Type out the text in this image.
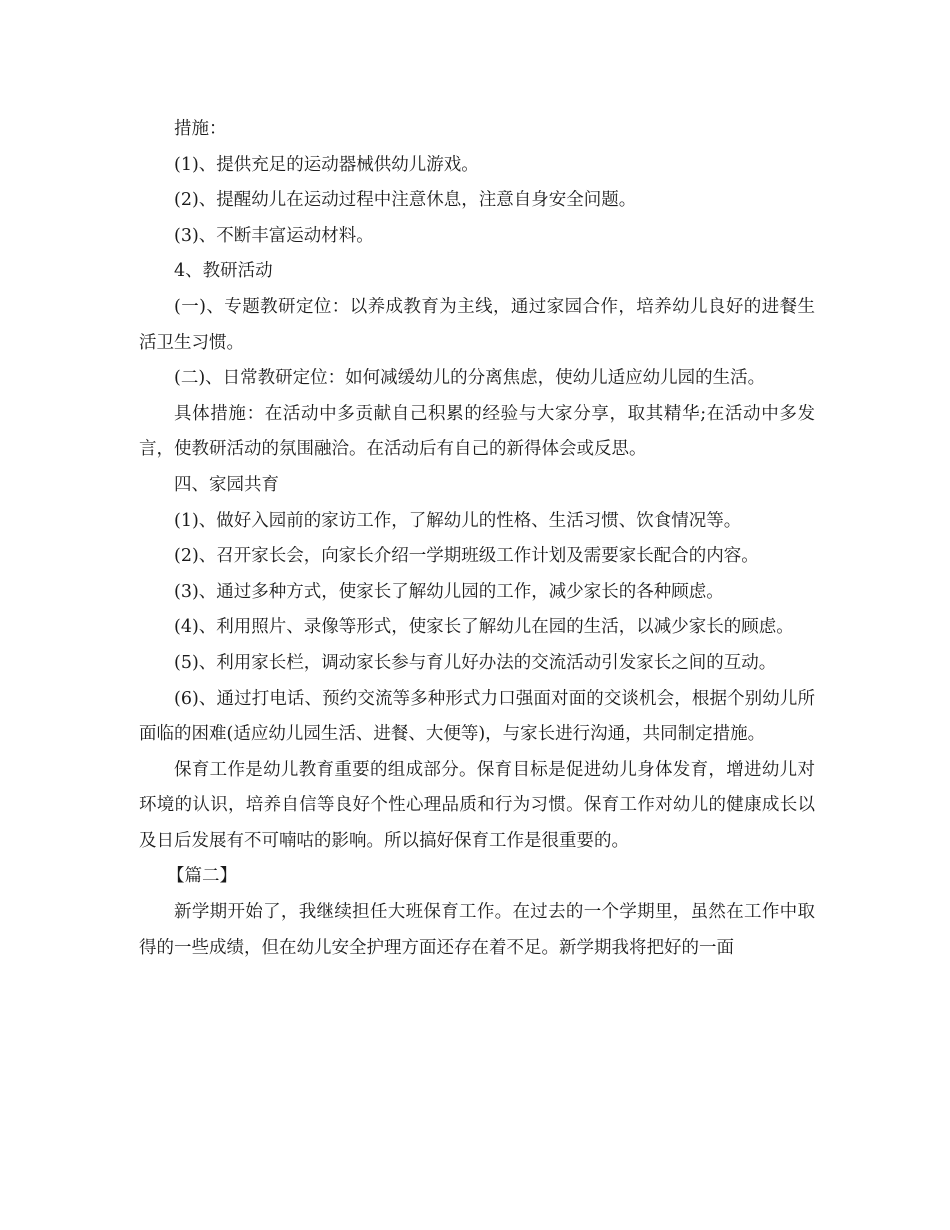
措施：

(1)、提供充足的运动器械供幼儿游戏。

(2)、提醒幼儿在运动过程中注意休息，注意自身安全问题。

(3)、不断丰富运动材料。

4、教研活动

(一)、专题教研定位：以养成教育为主线，通过家园合作，培养幼儿良好的进餐生活卫生习惯。

(二)、日常教研定位：如何减缓幼儿的分离焦虑，使幼儿适应幼儿园的生活。

具体措施：在活动中多贡献自己积累的经验与大家分享，取其精华;在活动中多发言，使教研活动的氛围融洽。在活动后有自己的新得体会或反思。

四、家园共育

(1)、做好入园前的家访工作，了解幼儿的性格、生活习惯、饮食情况等。

(2)、召开家长会，向家长介绍一学期班级工作计划及需要家长配合的内容。

(3)、通过多种方式，使家长了解幼儿园的工作，减少家长的各种顾虑。

(4)、利用照片、录像等形式，使家长了解幼儿在园的生活，以减少家长的顾虑。

(5)、利用家长栏，调动家长参与育儿好办法的交流活动引发家长之间的互动。

(6)、通过打电话、预约交流等多种形式力口强面对面的交谈机会，根据个别幼儿所面临的困难(适应幼儿园生活、进餐、大便等)，与家长进行沟通，共同制定措施。

保育工作是幼儿教育重要的组成部分。保育目标是促进幼儿身体发育，增进幼儿对环境的认识，培养自信等良好个性心理品质和行为习惯。保育工作对幼儿的健康成长以及日后发展有不可喃咕的影响。所以搞好保育工作是很重要的。

【篇二】

新学期开始了，我继续担任大班保育工作。在过去的一个学期里，虽然在工作中取得的一些成绩，但在幼儿安全护理方面还存在着不足。新学期我将把好的一面
